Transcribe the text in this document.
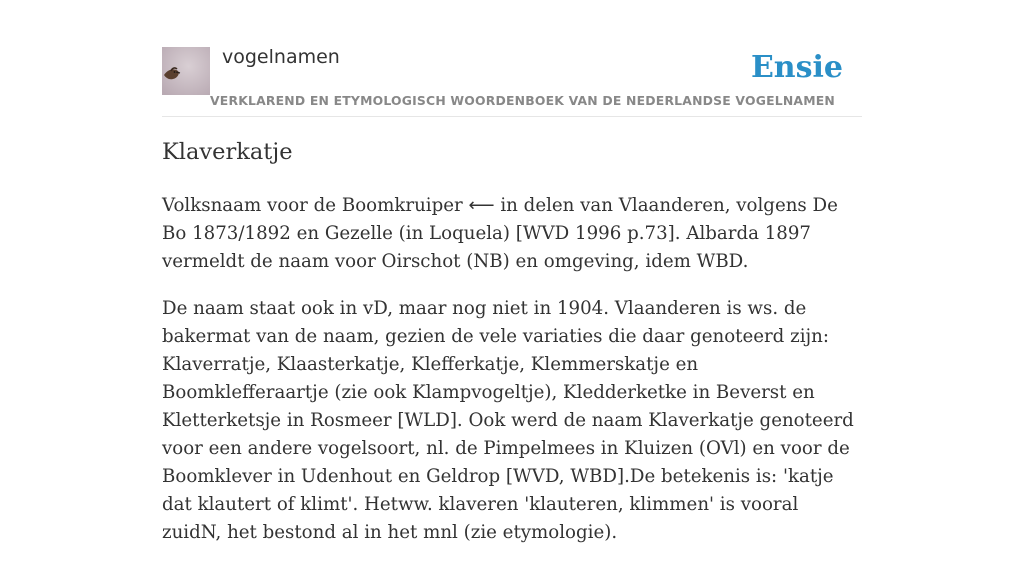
vogelnamen
VERKLAREND EN ETYMOLOGISCH WOORDENBOEK VAN DE NEDERLANDSE VOGELNAMEN
Ensie
Klaverkatje

Volksnaam voor de Boomkruiper ⟵ in delen van Vlaanderen, volgens De Bo 1873/1892 en Gezelle (in Loquela) [WVD 1996 p.73]. Albarda 1897 vermeldt de naam voor Oirschot (NB) en omgeving, idem WBD.

De naam staat ook in vD, maar nog niet in 1904. Vlaanderen is ws. de bakermat van de naam, gezien de vele variaties die daar genoteerd zijn: Klaverratje, Klaasterkatje, Klefferkatje, Klemmerskatje en Boomklefferaartje (zie ook Klampvogeltje), Kledderketke in Beverst en Kletterketsje in Rosmeer [WLD]. Ook werd de naam Klaverkatje genoteerd voor een andere vogelsoort, nl. de Pimpelmees in Kluizen (OVl) en voor de Boomklever in Udenhout en Geldrop [WVD, WBD].De betekenis is: 'katje dat klautert of klimt'. Hetww. klaveren 'klauteren, klimmen' is vooral zuidN, het bestond al in het mnl (zie etymologie).
